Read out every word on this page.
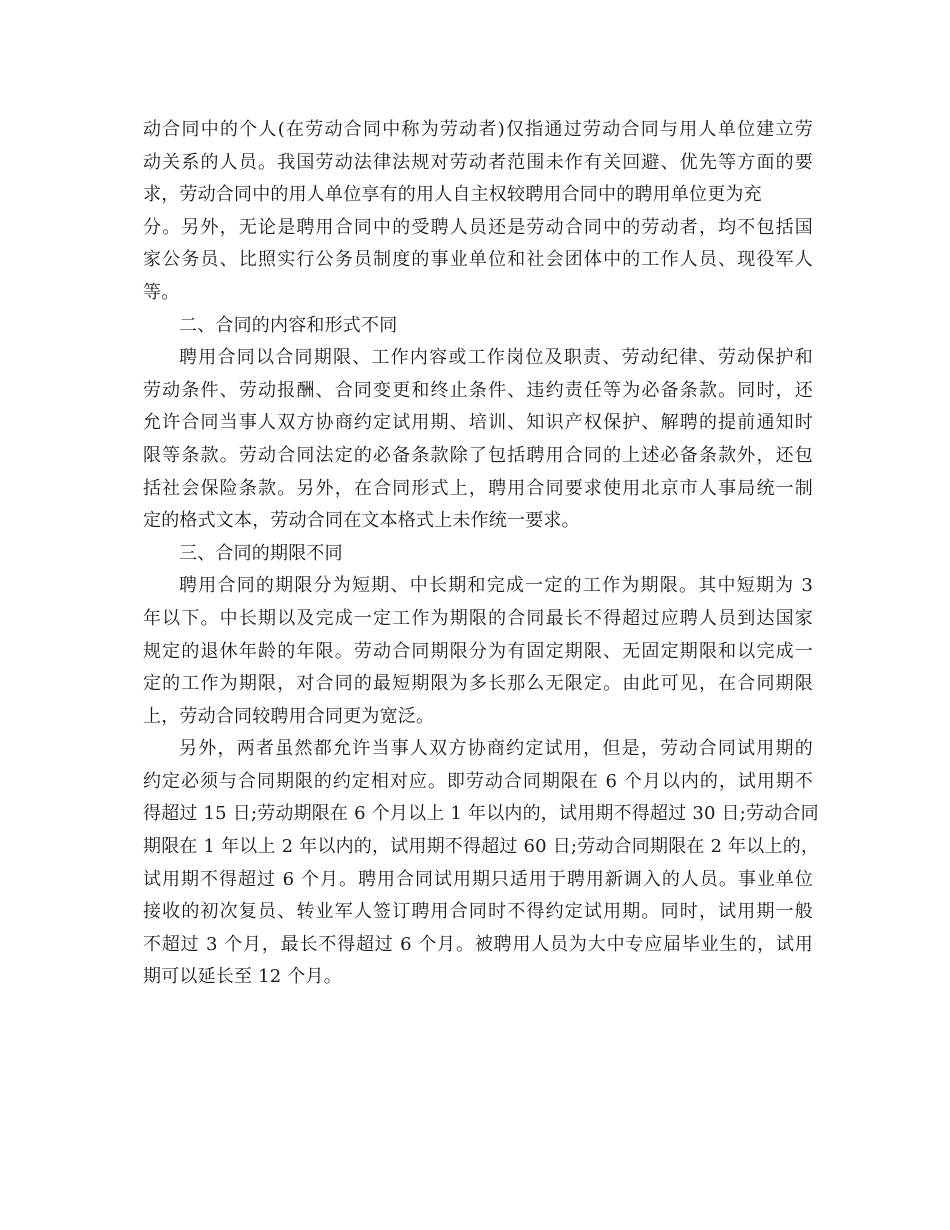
动合同中的个人(在劳动合同中称为劳动者)仅指通过劳动合同与用人单位建立劳
动关系的人员。我国劳动法律法规对劳动者范围未作有关回避、优先等方面的要
求，劳动合同中的用人单位享有的用人自主权较聘用合同中的聘用单位更为充
分。另外，无论是聘用合同中的受聘人员还是劳动合同中的劳动者，均不包括国
家公务员、比照实行公务员制度的事业单位和社会团体中的工作人员、现役军人
等。
二、合同的内容和形式不同
聘用合同以合同期限、工作内容或工作岗位及职责、劳动纪律、劳动保护和
劳动条件、劳动报酬、合同变更和终止条件、违约责任等为必备条款。同时，还
允许合同当事人双方协商约定试用期、培训、知识产权保护、解聘的提前通知时
限等条款。劳动合同法定的必备条款除了包括聘用合同的上述必备条款外，还包
括社会保险条款。另外，在合同形式上，聘用合同要求使用北京市人事局统一制
定的格式文本，劳动合同在文本格式上未作统一要求。
三、合同的期限不同
聘用合同的期限分为短期、中长期和完成一定的工作为期限。其中短期为 3
年以下。中长期以及完成一定工作为期限的合同最长不得超过应聘人员到达国家
规定的退休年龄的年限。劳动合同期限分为有固定期限、无固定期限和以完成一
定的工作为期限，对合同的最短期限为多长那么无限定。由此可见，在合同期限
上，劳动合同较聘用合同更为宽泛。
另外，两者虽然都允许当事人双方协商约定试用，但是，劳动合同试用期的
约定必须与合同期限的约定相对应。即劳动合同期限在 6 个月以内的，试用期不
得超过 15 日;劳动期限在 6 个月以上 1 年以内的，试用期不得超过 30 日;劳动合同
期限在 1 年以上 2 年以内的，试用期不得超过 60 日;劳动合同期限在 2 年以上的，
试用期不得超过 6 个月。聘用合同试用期只适用于聘用新调入的人员。事业单位
接收的初次复员、转业军人签订聘用合同时不得约定试用期。同时，试用期一般
不超过 3 个月，最长不得超过 6 个月。被聘用人员为大中专应届毕业生的，试用
期可以延长至 12 个月。
